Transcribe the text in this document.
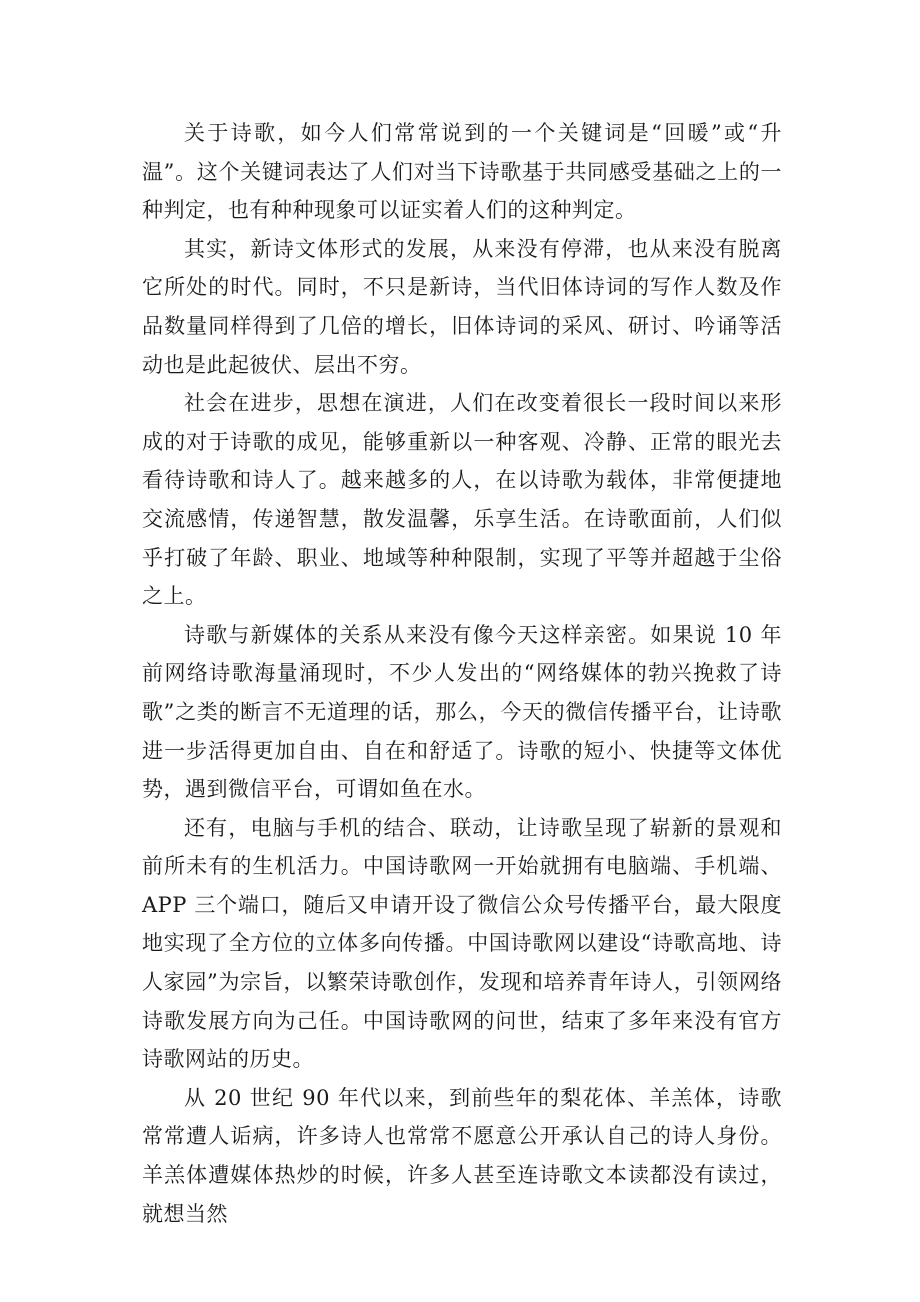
关于诗歌，如今人们常常说到的一个关键词是“回暖”或“升温”。这个关键词表达了人们对当下诗歌基于共同感受基础之上的一种判定，也有种种现象可以证实着人们的这种判定。

其实，新诗文体形式的发展，从来没有停滞，也从来没有脱离它所处的时代。同时，不只是新诗，当代旧体诗词的写作人数及作品数量同样得到了几倍的增长，旧体诗词的采风、研讨、吟诵等活动也是此起彼伏、层出不穷。

社会在进步，思想在演进，人们在改变着很长一段时间以来形成的对于诗歌的成见，能够重新以一种客观、冷静、正常的眼光去看待诗歌和诗人了。越来越多的人，在以诗歌为载体，非常便捷地交流感情，传递智慧，散发温馨，乐享生活。在诗歌面前，人们似乎打破了年龄、职业、地域等种种限制，实现了平等并超越于尘俗之上。

诗歌与新媒体的关系从来没有像今天这样亲密。如果说 10 年前网络诗歌海量涌现时，不少人发出的“网络媒体的勃兴挽救了诗歌”之类的断言不无道理的话，那么，今天的微信传播平台，让诗歌进一步活得更加自由、自在和舒适了。诗歌的短小、快捷等文体优势，遇到微信平台，可谓如鱼在水。

还有，电脑与手机的结合、联动，让诗歌呈现了崭新的景观和前所未有的生机活力。中国诗歌网一开始就拥有电脑端、手机端、APP 三个端口，随后又申请开设了微信公众号传播平台，最大限度地实现了全方位的立体多向传播。中国诗歌网以建设“诗歌高地、诗人家园”为宗旨，以繁荣诗歌创作，发现和培养青年诗人，引领网络诗歌发展方向为己任。中国诗歌网的问世，结束了多年来没有官方诗歌网站的历史。

从 20 世纪 90 年代以来，到前些年的梨花体、羊羔体，诗歌常常遭人诟病，许多诗人也常常不愿意公开承认自己的诗人身份。羊羔体遭媒体热炒的时候，许多人甚至连诗歌文本读都没有读过，就想当然
